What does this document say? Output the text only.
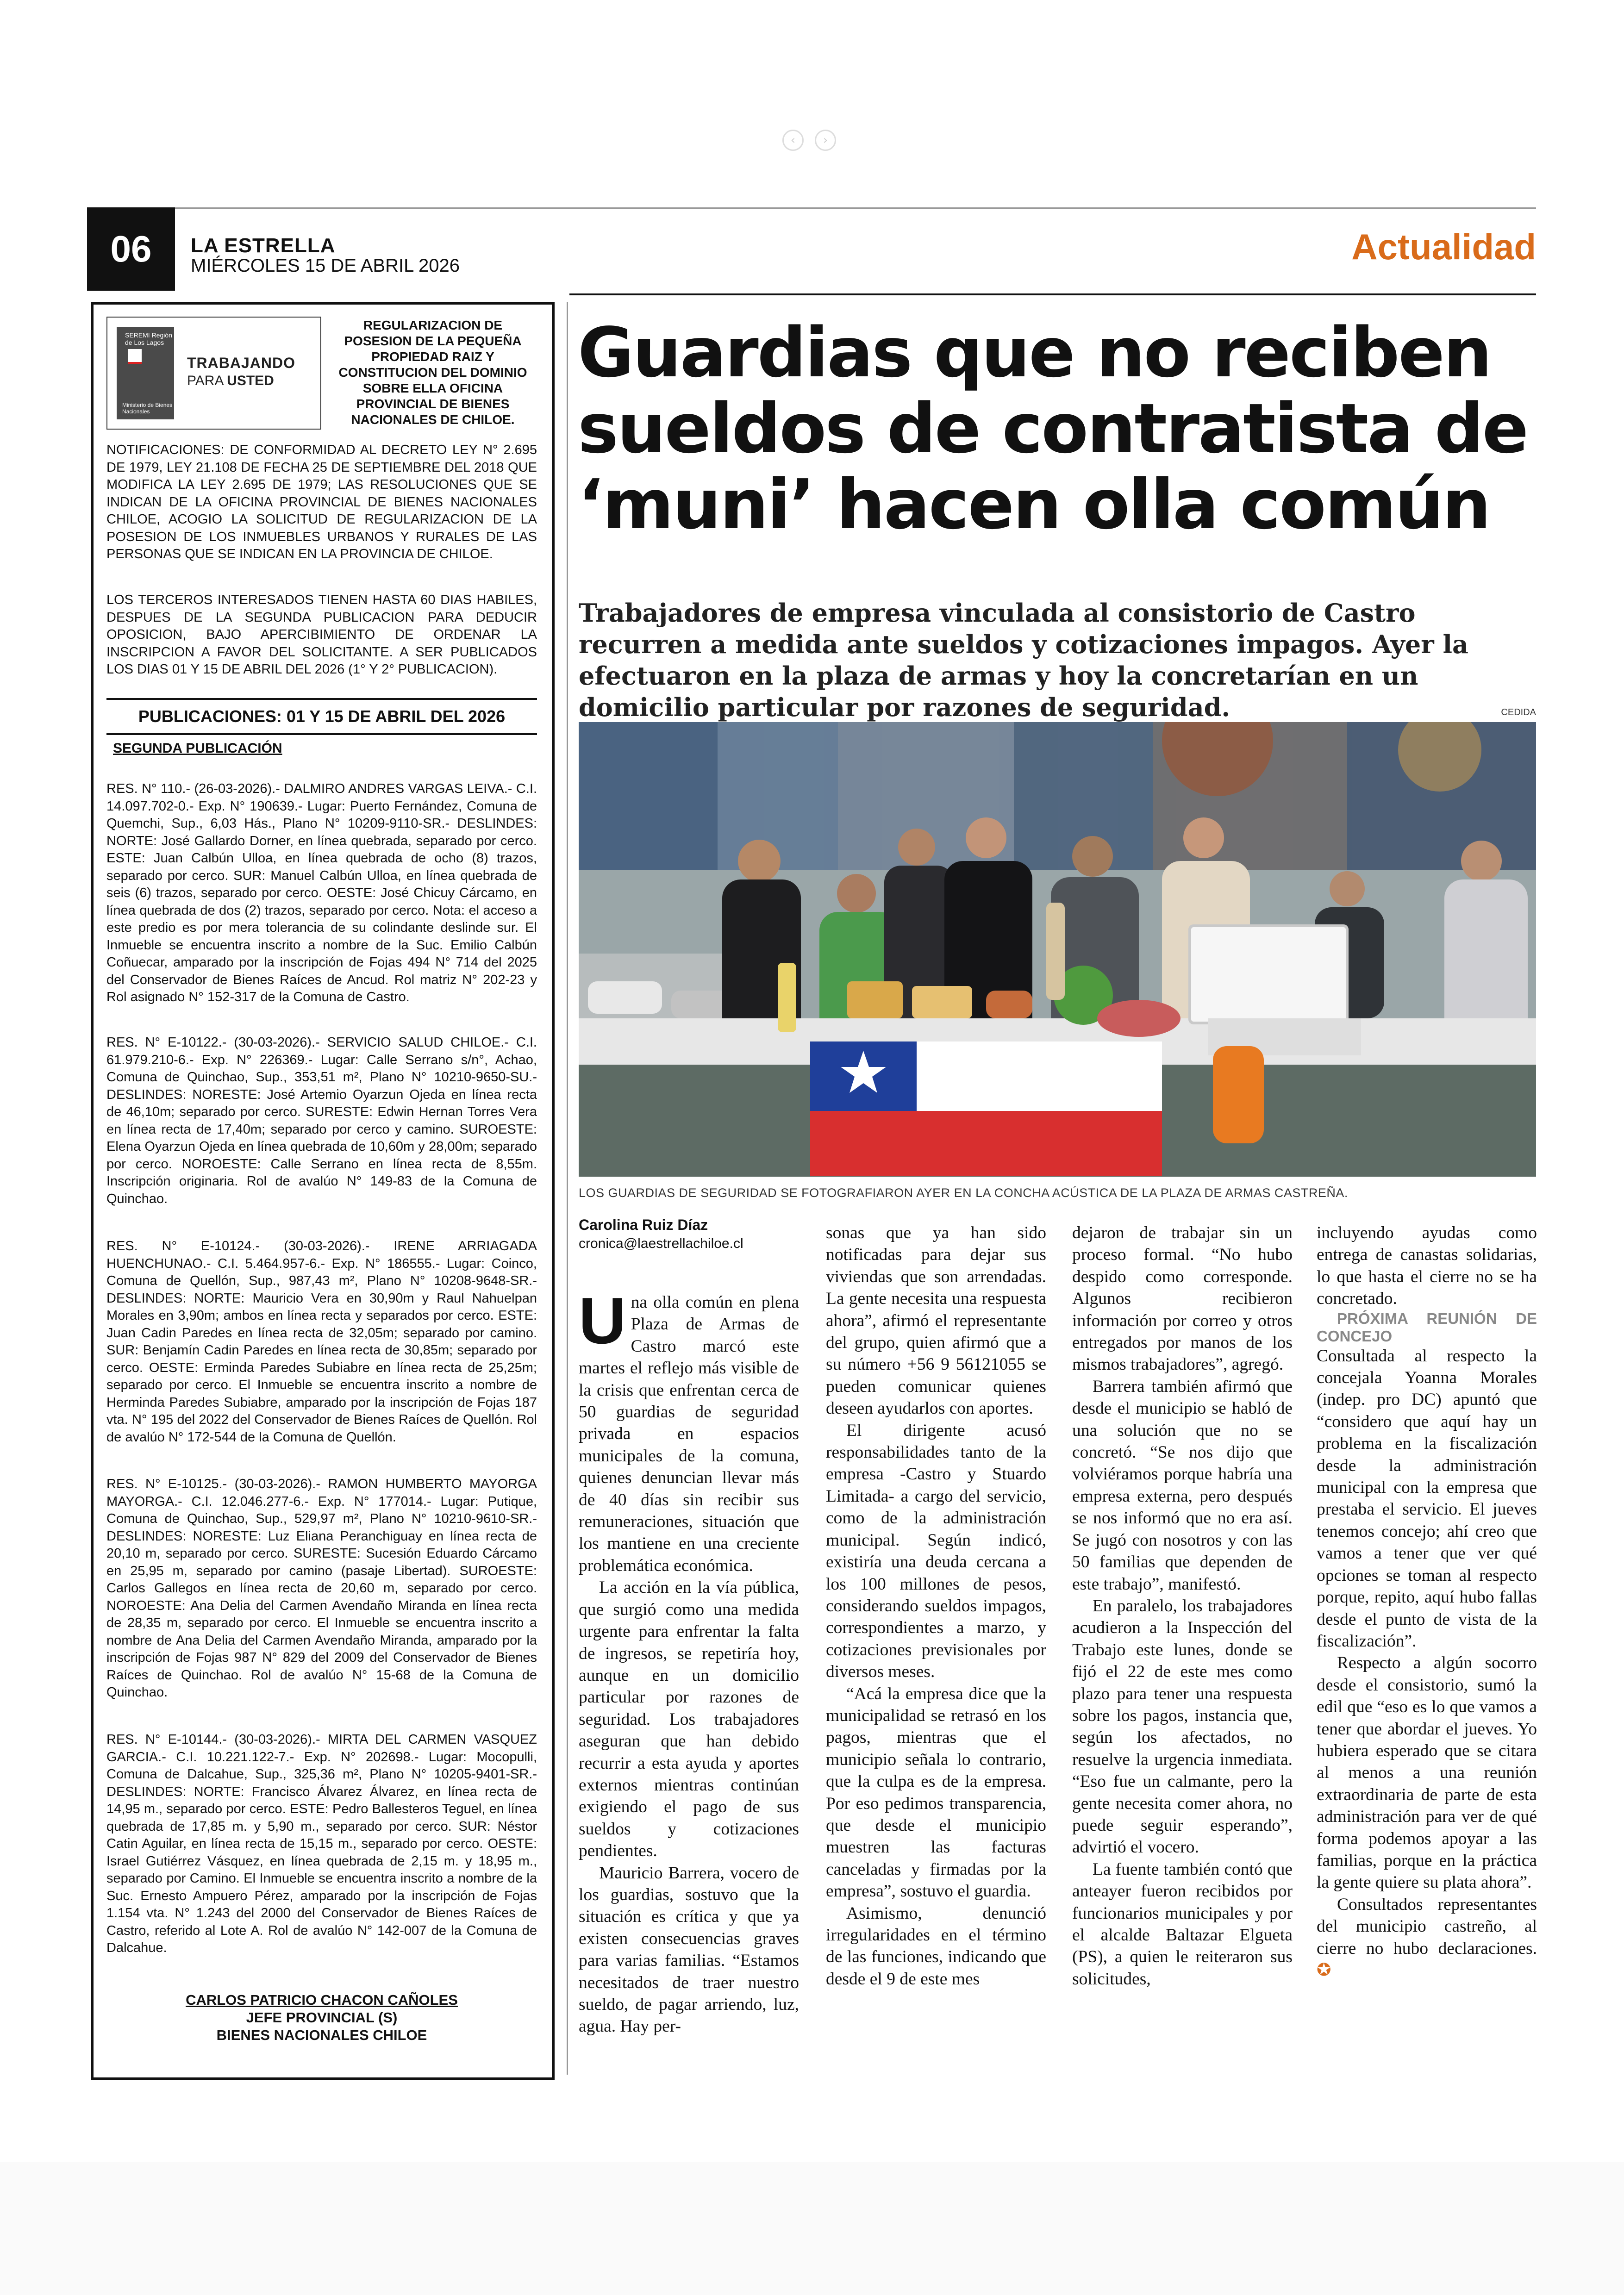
‹	›
06	LA ESTRELLA
MIÉRCOLES 15 DE ABRIL 2026	Actualidad
SEREMI Región de Los Lagos
Ministerio de Bienes Nacionales
TRABAJANDO
PARA USTED
REGULARIZACION DE POSESION DE LA PEQUEÑA PROPIEDAD RAIZ Y CONSTITUCION DEL DOMINIO SOBRE ELLA OFICINA PROVINCIAL DE BIENES NACIONALES DE CHILOE.
NOTIFICACIONES: DE CONFORMIDAD AL DECRETO LEY N° 2.695 DE 1979, LEY 21.108 DE FECHA 25 DE SEPTIEMBRE DEL 2018 QUE MODIFICA LA LEY 2.695 DE 1979; LAS RESOLUCIONES QUE SE INDICAN DE LA OFICINA PROVINCIAL DE BIENES NACIONALES CHILOE, ACOGIO LA SOLICITUD DE REGULARIZACION DE LA POSESION DE LOS INMUEBLES URBANOS Y RURALES DE LAS PERSONAS QUE SE INDICAN EN LA PROVINCIA DE CHILOE.
LOS TERCEROS INTERESADOS TIENEN HASTA 60 DIAS HABILES, DESPUES DE LA SEGUNDA PUBLICACION PARA DEDUCIR OPOSICION, BAJO APERCIBIMIENTO DE ORDENAR LA INSCRIPCION A FAVOR DEL SOLICITANTE. A SER PUBLICADOS LOS DIAS 01 Y 15 DE ABRIL DEL 2026 (1° Y 2° PUBLICACION).
PUBLICACIONES: 01 Y 15 DE ABRIL DEL 2026
SEGUNDA PUBLICACIÓN
RES. N° 110.- (26-03-2026).- DALMIRO ANDRES VARGAS LEIVA.- C.I. 14.097.702-0.- Exp. N° 190639.- Lugar: Puerto Fernández, Comuna de Quemchi, Sup., 6,03 Hás., Plano N° 10209-9110-SR.- DESLINDES: NORTE: José Gallardo Dorner, en línea quebrada, separado por cerco. ESTE: Juan Calbún Ulloa, en línea quebrada de ocho (8) trazos, separado por cerco. SUR: Manuel Calbún Ulloa, en línea quebrada de seis (6) trazos, separado por cerco. OESTE: José Chicuy Cárcamo, en línea quebrada de dos (2) trazos, separado por cerco. Nota: el acceso a este predio es por mera tolerancia de su colindante deslinde sur. El Inmueble se encuentra inscrito a nombre de la Suc. Emilio Calbún Coñuecar, amparado por la inscripción de Fojas 494 N° 714 del 2025 del Conservador de Bienes Raíces de Ancud. Rol matriz N° 202-23 y Rol asignado N° 152-317 de la Comuna de Castro.
RES. N° E-10122.- (30-03-2026).- SERVICIO SALUD CHILOE.- C.I. 61.979.210-6.- Exp. N° 226369.- Lugar: Calle Serrano s/n°, Achao, Comuna de Quinchao, Sup., 353,51 m², Plano N° 10210-9650-SU.- DESLINDES: NORESTE: José Artemio Oyarzun Ojeda en línea recta de 46,10m; separado por cerco. SURESTE: Edwin Hernan Torres Vera en línea recta de 17,40m; separado por cerco y camino. SUROESTE: Elena Oyarzun Ojeda en línea quebrada de 10,60m y 28,00m; separado por cerco. NOROESTE: Calle Serrano en línea recta de 8,55m. Inscripción originaria. Rol de avalúo N° 149-83 de la Comuna de Quinchao.
RES. N° E-10124.- (30-03-2026).- IRENE ARRIAGADA HUENCHUNAO.- C.I. 5.464.957-6.- Exp. N° 186555.- Lugar: Coinco, Comuna de Quellón, Sup., 987,43 m², Plano N° 10208-9648-SR.- DESLINDES: NORTE: Mauricio Vera en 30,90m y Raul Nahuelpan Morales en 3,90m; ambos en línea recta y separados por cerco. ESTE: Juan Cadin Paredes en línea recta de 32,05m; separado por camino. SUR: Benjamín Cadin Paredes en línea recta de 30,85m; separado por cerco. OESTE: Erminda Paredes Subiabre en línea recta de 25,25m; separado por cerco. El Inmueble se encuentra inscrito a nombre de Herminda Paredes Subiabre, amparado por la inscripción de Fojas 187 vta. N° 195 del 2022 del Conservador de Bienes Raíces de Quellón. Rol de avalúo N° 172-544 de la Comuna de Quellón.
RES. N° E-10125.- (30-03-2026).- RAMON HUMBERTO MAYORGA MAYORGA.- C.I. 12.046.277-6.- Exp. N° 177014.- Lugar: Putique, Comuna de Quinchao, Sup., 529,97 m², Plano N° 10210-9610-SR.- DESLINDES: NORESTE: Luz Eliana Peranchiguay en línea recta de 20,10 m, separado por cerco. SURESTE: Sucesión Eduardo Cárcamo en 25,95 m, separado por camino (pasaje Libertad). SUROESTE: Carlos Gallegos en línea recta de 20,60 m, separado por cerco. NOROESTE: Ana Delia del Carmen Avendaño Miranda en línea recta de 28,35 m, separado por cerco. El Inmueble se encuentra inscrito a nombre de Ana Delia del Carmen Avendaño Miranda, amparado por la inscripción de Fojas 987 N° 829 del 2009 del Conservador de Bienes Raíces de Quinchao. Rol de avalúo N° 15-68 de la Comuna de Quinchao.
RES. N° E-10144.- (30-03-2026).- MIRTA DEL CARMEN VASQUEZ GARCIA.- C.I. 10.221.122-7.- Exp. N° 202698.- Lugar: Mocopulli, Comuna de Dalcahue, Sup., 325,36 m², Plano N° 10205-9401-SR.- DESLINDES: NORTE: Francisco Álvarez Álvarez, en línea recta de 14,95 m., separado por cerco. ESTE: Pedro Ballesteros Teguel, en línea quebrada de 17,85 m. y 5,90 m., separado por cerco. SUR: Néstor Catin Aguilar, en línea recta de 15,15 m., separado por cerco. OESTE: Israel Gutiérrez Vásquez, en línea quebrada de 2,15 m. y 18,95 m., separado por Camino. El Inmueble se encuentra inscrito a nombre de la Suc. Ernesto Ampuero Pérez, amparado por la inscripción de Fojas 1.154 vta. N° 1.243 del 2000 del Conservador de Bienes Raíces de Castro, referido al Lote A. Rol de avalúo N° 142-007 de la Comuna de Dalcahue.
CARLOS PATRICIO CHACON CAÑOLES
JEFE PROVINCIAL (S)
BIENES NACIONALES CHILOE
Guardias que no reciben
sueldos de contratista de
‘muni’ hacen olla común
Trabajadores de empresa vinculada al consistorio de Castro recurren a medida ante sueldos y cotizaciones impagos. Ayer la efectuaron en la plaza de armas y hoy la concretarían en un domicilio particular por razones de seguridad.	CEDIDA
LOS GUARDIAS DE SEGURIDAD SE FOTOGRAFIARON AYER EN LA CONCHA ACÚSTICA DE LA PLAZA DE ARMAS CASTREÑA.
Carolina Ruiz Díaz
cronica@laestrellachiloe.cl

Una olla común en plena Plaza de Armas de Castro marcó este martes el reflejo más visible de la crisis que enfrentan cerca de 50 guardias de seguridad privada en espacios municipales de la comuna, quienes denuncian llevar más de 40 días sin recibir sus remuneraciones, situación que los mantiene en una creciente problemática económica.

La acción en la vía pública, que surgió como una medida urgente para enfrentar la falta de ingresos, se repetiría hoy, aunque en un domicilio particular por razones de seguridad. Los trabajadores aseguran que han debido recurrir a esta ayuda y aportes externos mientras continúan exigiendo el pago de sus sueldos y cotizaciones pendientes.

Mauricio Barrera, vocero de los guardias, sostuvo que la situación es crítica y que ya existen consecuencias graves para varias familias. “Estamos necesitados de traer nuestro sueldo, de pagar arriendo, luz, agua. Hay per-

sonas que ya han sido notificadas para dejar sus viviendas que son arrendadas. La gente necesita una respuesta ahora”, afirmó el representante del grupo, quien afirmó que a su número +56 9 56121055 se pueden comunicar quienes deseen ayudarlos con aportes.

El dirigente acusó responsabilidades tanto de la empresa -Castro y Stuardo Limitada- a cargo del servicio, como de la administración municipal. Según indicó, existiría una deuda cercana a los 100 millones de pesos, considerando sueldos impagos, correspondientes a marzo, y cotizaciones previsionales por diversos meses.

“Acá la empresa dice que la municipalidad se retrasó en los pagos, mientras que el municipio señala lo contrario, que la culpa es de la empresa. Por eso pedimos transparencia, que desde el municipio muestren las facturas canceladas y firmadas por la empresa”, sostuvo el guardia.

Asimismo, denunció irregularidades en el término de las funciones, indicando que desde el 9 de este mes

dejaron de trabajar sin un proceso formal. “No hubo despido como corresponde. Algunos recibieron información por correo y otros entregados por manos de los mismos trabajadores”, agregó.

Barrera también afirmó que desde el municipio se habló de una solución que no se concretó. “Se nos dijo que volviéramos porque habría una empresa externa, pero después se nos informó que no era así. Se jugó con nosotros y con las 50 familias que dependen de este trabajo”, manifestó.

En paralelo, los trabajadores acudieron a la Inspección del Trabajo este lunes, donde se fijó el 22 de este mes como plazo para tener una respuesta sobre los pagos, instancia que, según los afectados, no resuelve la urgencia inmediata. “Eso fue un calmante, pero la gente necesita comer ahora, no puede seguir esperando”, advirtió el vocero.

La fuente también contó que anteayer fueron recibidos por funcionarios municipales y por el alcalde Baltazar Elgueta (PS), a quien le reiteraron sus solicitudes,

incluyendo ayudas como entrega de canastas solidarias, lo que hasta el cierre no se ha concretado.

PRÓXIMA REUNIÓN DE CONCEJO

Consultada al respecto la concejala Yoanna Morales (indep. pro DC) apuntó que “considero que aquí hay un problema en la fiscalización desde la administración municipal con la empresa que prestaba el servicio. El jueves tenemos concejo; ahí creo que vamos a tener que ver qué opciones se toman al respecto porque, repito, aquí hubo fallas desde el punto de vista de la fiscalización”.

Respecto a algún socorro desde el consistorio, sumó la edil que “eso es lo que vamos a tener que abordar el jueves. Yo hubiera esperado que se citara al menos a una reunión extraordinaria de parte de esta administración para ver de qué forma podemos apoyar a las familias, porque en la práctica la gente quiere su plata ahora”.

Consultados representantes del municipio castreño, al cierre no hubo declaraciones. ✪
